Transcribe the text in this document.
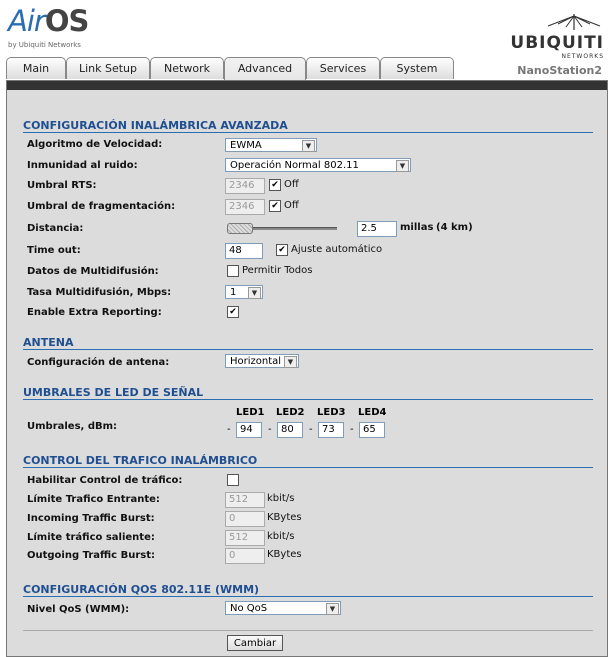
AirOS
by Ubiquiti Networks	UBIQUITI
NETWORKS
Main	Link Setup	Network	Advanced	Services	System	NanoStation2
CONFIGURACIÓN INALÁMBRICA AVANZADA
Algoritmo de Velocidad:	EWMA	▼
Inmunidad al ruido:	Operación Normal 802.11	▼
Umbral RTS:	2346	✔ Off
Umbral de fragmentación:	2346	✔ Off
Distancia:	2.5	millas (4 km)
Time out:	48	✔ Ajuste automático
Datos de Multidifusión:	Permitir Todos
Tasa Multidifusión, Mbps:	1	▼
Enable Extra Reporting:	✔
ANTENA
Configuración de antena:	Horizontal ▼
UMBRALES DE LED DE SEÑAL
LED1 LED2 LED3 LED4
Umbrales, dBm:	- 94	- 80	- 73	- 65
CONTROL DEL TRAFICO INALÁMBRICO
Habilitar Control de tráfico:
Límite Trafico Entrante:	512	kbit/s
Incoming Traffic Burst:	0	KBytes
Límite tráfico saliente:	512	kbit/s
Outgoing Traffic Burst:	0	KBytes
CONFIGURACIÓN QOS 802.11E (WMM)
Nivel QoS (WMM):	No QoS	▼
Cambiar
